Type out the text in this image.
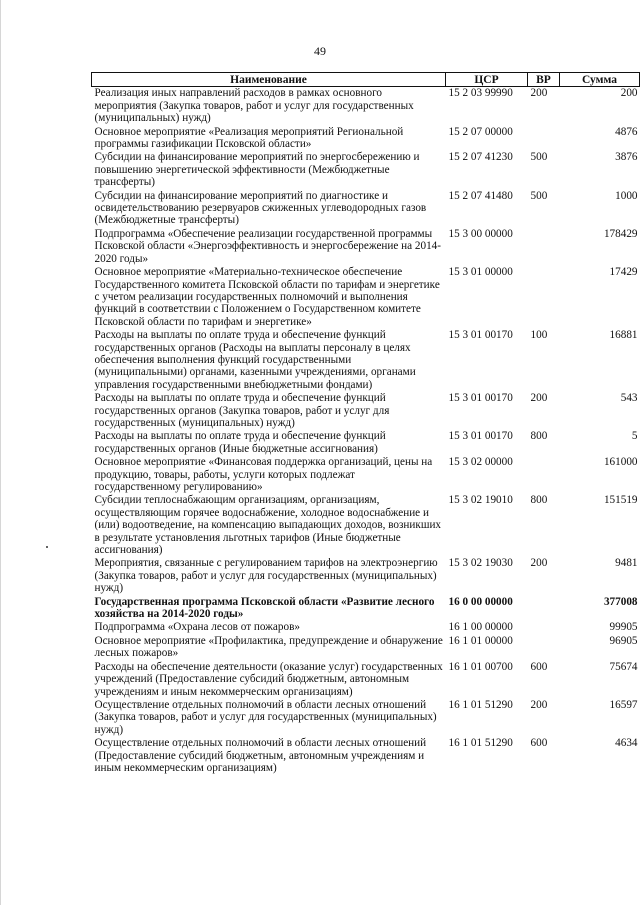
49
Наименование	ЦСР	ВР	Сумма
Реализация иных направлений расходов в рамках основного мероприятия (Закупка товаров, работ и услуг для государственных (муниципальных) нужд)	15 2 03 99990	200	200
Основное мероприятие «Реализация мероприятий Региональной программы газификации Псковской области»	15 2 07 00000		4876
Субсидии на финансирование мероприятий по энергосбережению и повышению энергетической эффективности (Межбюджетные трансферты)	15 2 07 41230	500	3876
Субсидии на финансирование мероприятий по диагностике и освидетельствованию резервуаров сжиженных углеводородных газов (Межбюджетные трансферты)	15 2 07 41480	500	1000
Подпрограмма «Обеспечение реализации государственной программы Псковской области «Энергоэффективность и энергосбережение на 2014-2020 годы»	15 3 00 00000		178429
Основное мероприятие «Материально-техническое обеспечение Государственного комитета Псковской области по тарифам и энергетике с учетом реализации государственных полномочий и выполнения функций в соответствии с Положением о Государственном комитете Псковской области по тарифам и энергетике»	15 3 01 00000		17429
Расходы на выплаты по оплате труда и обеспечение функций государственных органов (Расходы на выплаты персоналу в целях обеспечения выполнения функций государственными (муниципальными) органами, казенными учреждениями, органами управления государственными внебюджетными фондами)	15 3 01 00170	100	16881
Расходы на выплаты по оплате труда и обеспечение функций государственных органов (Закупка товаров, работ и услуг для государственных (муниципальных) нужд)	15 3 01 00170	200	543
Расходы на выплаты по оплате труда и обеспечение функций государственных органов (Иные бюджетные ассигнования)	15 3 01 00170	800	5
Основное мероприятие «Финансовая поддержка организаций, цены на продукцию, товары, работы, услуги которых подлежат государственному регулированию»	15 3 02 00000		161000
Субсидии теплоснабжающим организациям, организациям, осуществляющим горячее водоснабжение, холодное водоснабжение и (или) водоотведение, на компенсацию выпадающих доходов, возникших в результате установления льготных тарифов (Иные бюджетные ассигнования)	15 3 02 19010	800	151519
Мероприятия, связанные с регулированием тарифов на электроэнергию (Закупка товаров, работ и услуг для государственных (муниципальных) нужд)	15 3 02 19030	200	9481
Государственная программа Псковской области «Развитие лесного хозяйства на 2014-2020 годы»	16 0 00 00000		377008
Подпрограмма «Охрана лесов от пожаров»	16 1 00 00000		99905
Основное мероприятие «Профилактика, предупреждение и обнаружение лесных пожаров»	16 1 01 00000		96905
Расходы на обеспечение деятельности (оказание услуг) государственных учреждений (Предоставление субсидий бюджетным, автономным учреждениям и иным некоммерческим организациям)	16 1 01 00700	600	75674
Осуществление отдельных полномочий в области лесных отношений (Закупка товаров, работ и услуг для государственных (муниципальных) нужд)	16 1 01 51290	200	16597
Осуществление отдельных полномочий в области лесных отношений (Предоставление субсидий бюджетным, автономным учреждениям и иным некоммерческим организациям)	16 1 01 51290	600	4634
